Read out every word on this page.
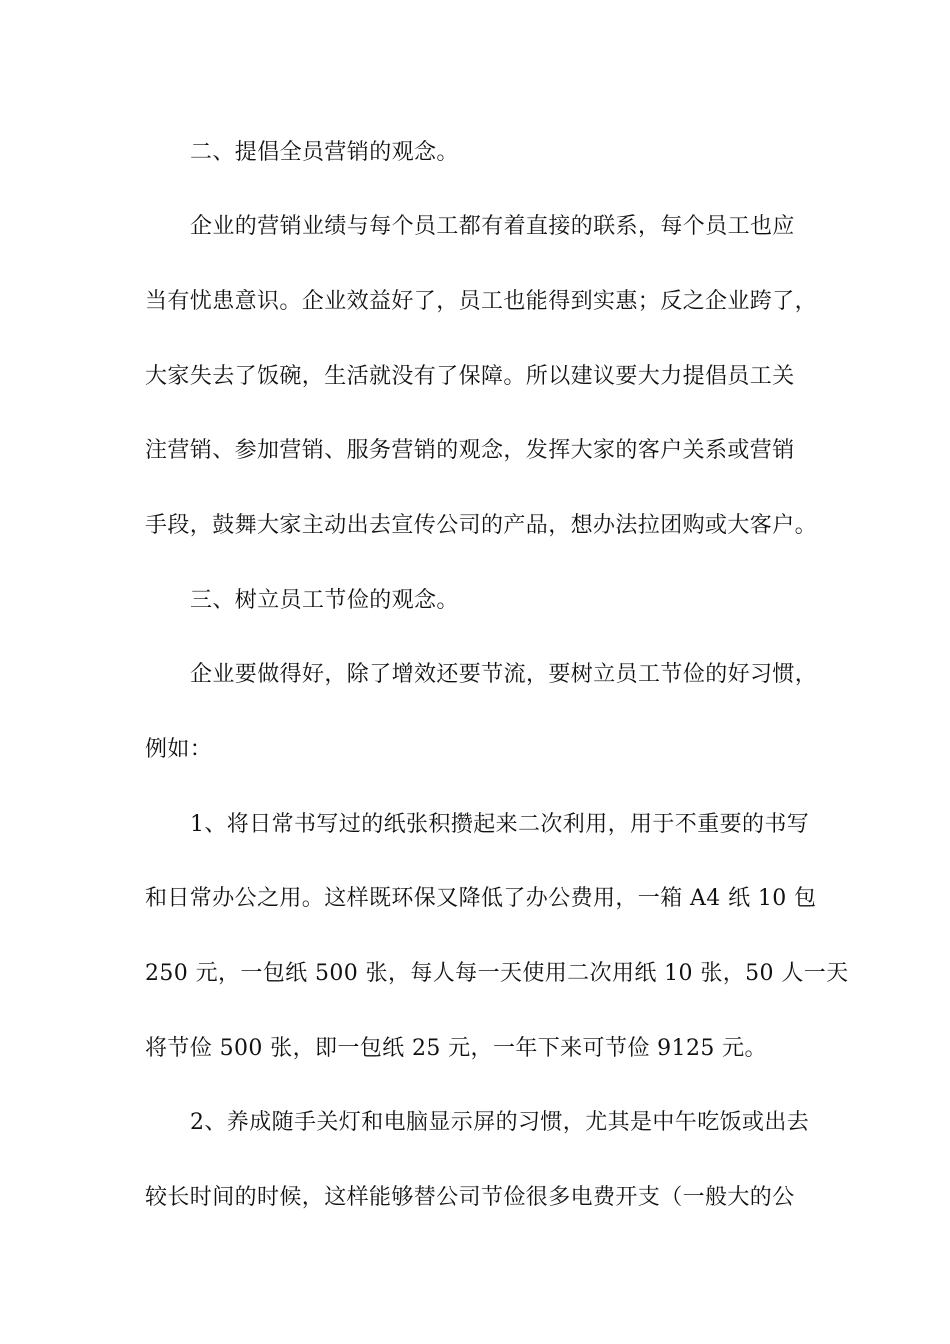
二、提倡全员营销的观念。
企业的营销业绩与每个员工都有着直接的联系，每个员工也应
当有忧患意识。企业效益好了，员工也能得到实惠；反之企业跨了，
大家失去了饭碗，生活就没有了保障。所以建议要大力提倡员工关
注营销、参加营销、服务营销的观念，发挥大家的客户关系或营销
手段，鼓舞大家主动出去宣传公司的产品，想办法拉团购或大客户。
三、树立员工节俭的观念。
企业要做得好，除了增效还要节流，要树立员工节俭的好习惯，
例如：
1、将日常书写过的纸张积攒起来二次利用，用于不重要的书写
和日常办公之用。这样既环保又降低了办公费用，一箱 A4 纸 10 包
250 元，一包纸 500 张，每人每一天使用二次用纸 10 张，50 人一天
将节俭 500 张，即一包纸 25 元，一年下来可节俭 9125 元。
2、养成随手关灯和电脑显示屏的习惯，尤其是中午吃饭或出去
较长时间的时候，这样能够替公司节俭很多电费开支（一般大的公
